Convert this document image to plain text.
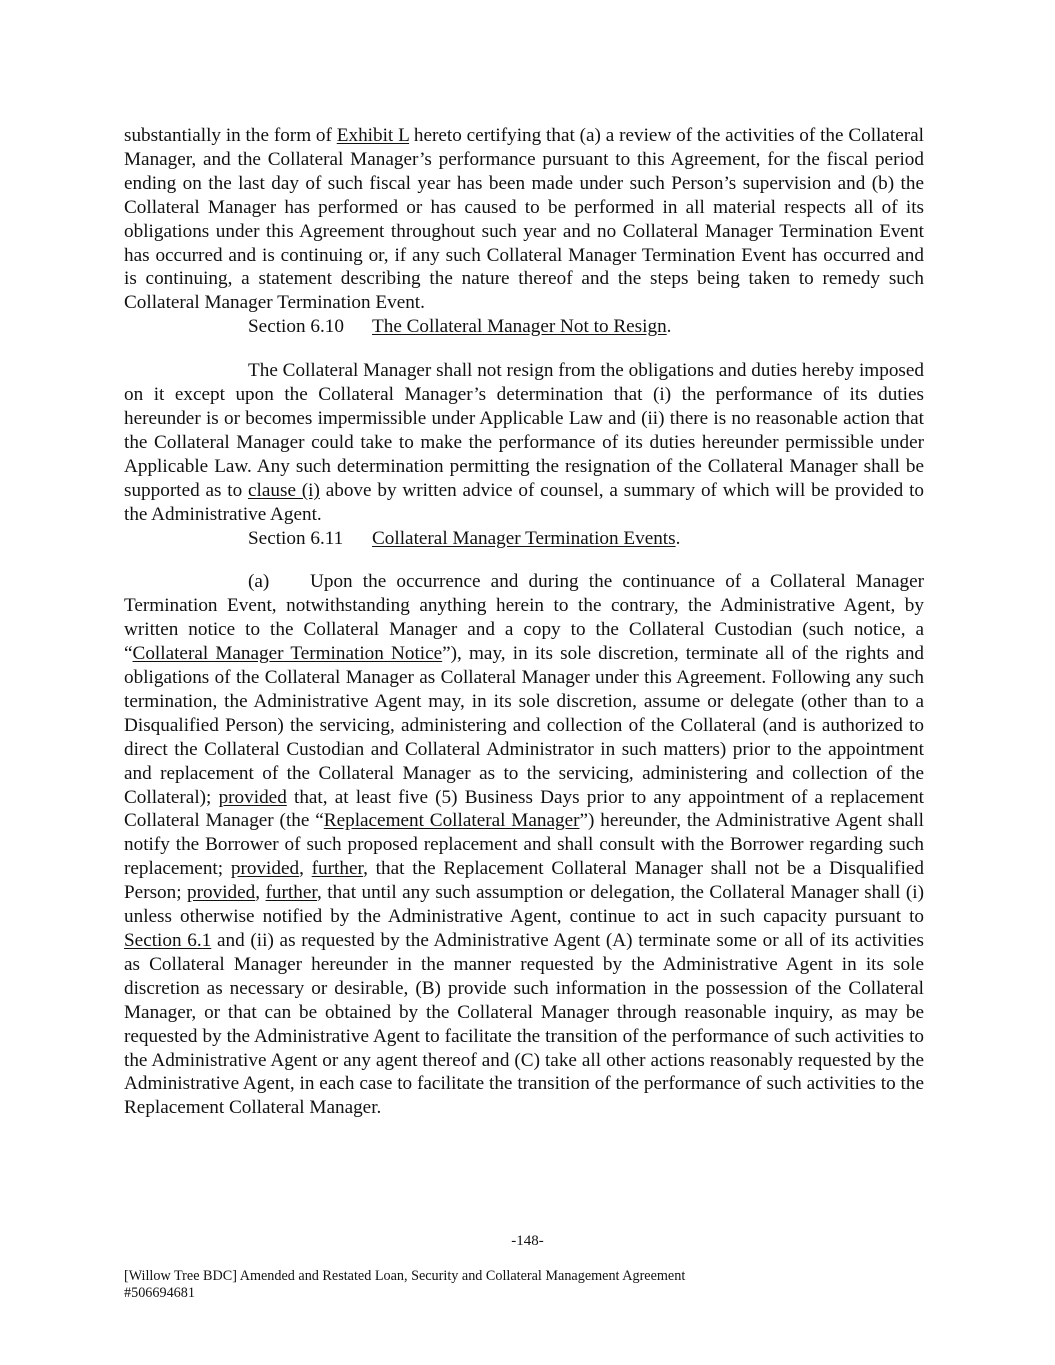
substantially in the form of Exhibit L hereto certifying that (a) a review of the activities of the Collateral Manager, and the Collateral Manager’s performance pursuant to this Agreement, for the fiscal period ending on the last day of such fiscal year has been made under such Person’s supervision and (b) the Collateral Manager has performed or has caused to be performed in all material respects all of its obligations under this Agreement throughout such year and no Collateral Manager Termination Event has occurred and is continuing or, if any such Collateral Manager Termination Event has occurred and is continuing, a statement describing the nature thereof and the steps being taken to remedy such Collateral Manager Termination Event.

Section 6.10 The Collateral Manager Not to Resign.

The Collateral Manager shall not resign from the obligations and duties hereby imposed on it except upon the Collateral Manager’s determination that (i) the performance of its duties hereunder is or becomes impermissible under Applicable Law and (ii) there is no reasonable action that the Collateral Manager could take to make the performance of its duties hereunder permissible under Applicable Law. Any such determination permitting the resignation of the Collateral Manager shall be supported as to clause (i) above by written advice of counsel, a summary of which will be provided to the Administrative Agent.

Section 6.11 Collateral Manager Termination Events.

(a) Upon the occurrence and during the continuance of a Collateral Manager Termination Event, notwithstanding anything herein to the contrary, the Administrative Agent, by written notice to the Collateral Manager and a copy to the Collateral Custodian (such notice, a “Collateral Manager Termination Notice”), may, in its sole discretion, terminate all of the rights and obligations of the Collateral Manager as Collateral Manager under this Agreement. Following any such termination, the Administrative Agent may, in its sole discretion, assume or delegate (other than to a Disqualified Person) the servicing, administering and collection of the Collateral (and is authorized to direct the Collateral Custodian and Collateral Administrator in such matters) prior to the appointment and replacement of the Collateral Manager as to the servicing, administering and collection of the Collateral); provided that, at least five (5) Business Days prior to any appointment of a replacement Collateral Manager (the “Replacement Collateral Manager”) hereunder, the Administrative Agent shall notify the Borrower of such proposed replacement and shall consult with the Borrower regarding such replacement; provided, further, that the Replacement Collateral Manager shall not be a Disqualified Person; provided, further, that until any such assumption or delegation, the Collateral Manager shall (i) unless otherwise notified by the Administrative Agent, continue to act in such capacity pursuant to Section 6.1 and (ii) as requested by the Administrative Agent (A) terminate some or all of its activities as Collateral Manager hereunder in the manner requested by the Administrative Agent in its sole discretion as necessary or desirable, (B) provide such information in the possession of the Collateral Manager, or that can be obtained by the Collateral Manager through reasonable inquiry, as may be requested by the Administrative Agent to facilitate the transition of the performance of such activities to the Administrative Agent or any agent thereof and (C) take all other actions reasonably requested by the Administrative Agent, in each case to facilitate the transition of the performance of such activities to the Replacement Collateral Manager.

-148-
[Willow Tree BDC] Amended and Restated Loan, Security and Collateral Management Agreement
#506694681
